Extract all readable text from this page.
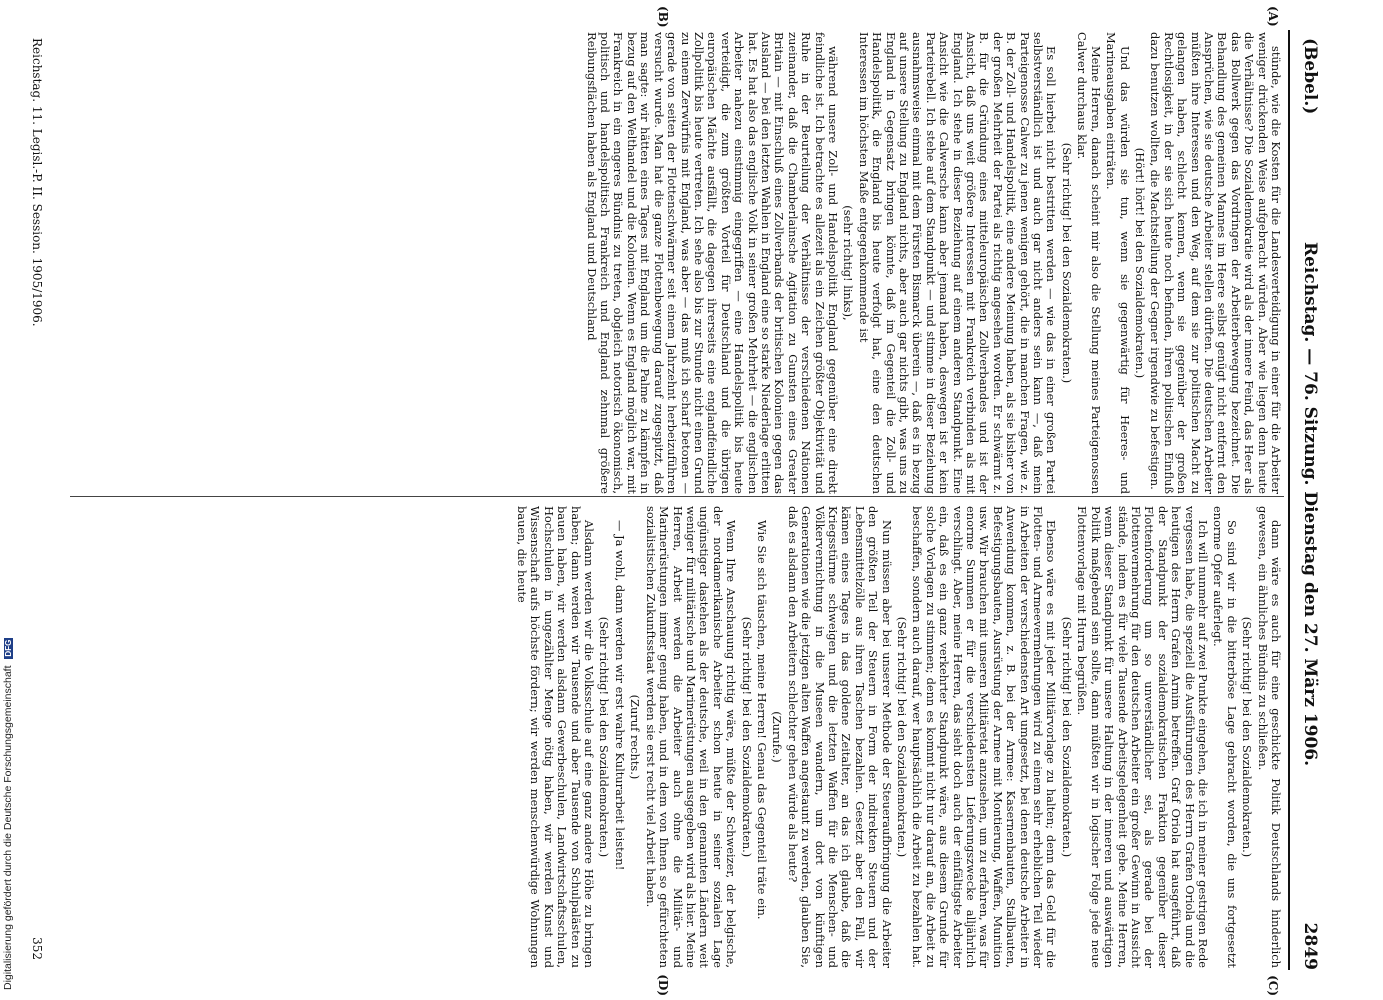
(Bebel.)
Reichstag. — 76. Sitzung. Dienstag den 27. März 1906.
2849
(A)
(B)
(C)
(D)

stünde, wie die Kosten für die Landesverteidigung in einer für die Arbeiter weniger drückenden Weise aufgebracht würden. Aber wie liegen denn heute die Verhältnisse? Die Sozialdemokratie wird als der innere Feind, das Heer als das Bollwerk gegen das Vordringen der Arbeiterbewegung bezeichnet. Die Behandlung des gemeinen Mannes im Heere selbst genügt nicht entfernt den Ansprüchen, wie sie deutsche Arbeiter stellen dürften. Die deutschen Arbeiter müßten ihre Interessen und den Weg, auf dem sie zur politischen Macht zu gelangen haben, schlecht kennen, wenn sie gegenüber der großen Rechtlosigkeit, in der sie sich heute noch befinden, ihren politischen Einfluß dazu benutzen wollten, die Machtstellung der Gegner irgendwie zu befestigen.

(Hört! hört! bei den Sozialdemokraten.)

Und das würden sie tun, wenn sie gegenwärtig für Heeres- und Marineausgaben einträten.

Meine Herren, danach scheint mir also die Stellung meines Parteigenossen Calwer durchaus klar.

(Sehr richtig! bei den Sozialdemokraten.)

Es soll hierbei nicht bestritten werden — wie das in einer großen Partei selbstverständlich ist und auch gar nicht anders sein kann —, daß mein Parteigenosse Calwer zu jenen wenigen gehört, die in manchen Fragen, wie z. B. der Zoll- und Handelspolitik, eine andere Meinung haben, als sie bisher von der großen Mehrheit der Partei als richtig angesehen worden. Er schwärmt z. B. für die Gründung eines mitteleuropäischen Zollverbandes und ist der Ansicht, daß uns weit größere Interessen mit Frankreich verbinden als mit England. Ich stehe in dieser Beziehung auf einem anderen Standpunkt. Eine Ansicht wie die Calwersche kann aber jemand haben, deswegen ist er kein Parteirebell. Ich stehe auf dem Standpunkt — und stimme in dieser Beziehung ausnahmsweise einmal mit dem Fürsten Bismarck überein —, daß es in bezug auf unsere Stellung zu England nichts, aber auch gar nichts gibt, was uns zu England in Gegensatz bringen könnte, daß im Gegenteil die Zoll- und Handelspolitik, die England bis heute verfolgt hat, eine den deutschen Interessen im höchsten Maße entgegenkommende ist

(sehr richtig! links),

während unsere Zoll- und Handelspolitik England gegenüber eine direkt feindliche ist. Ich betrachte es allezeit als ein Zeichen größter Objektivität und Ruhe in der Beurteilung der Verhältnisse der verschiedenen Nationen zueinander, daß die Chamberlainsche Agitation zu Gunsten eines Greater Britain — mit Einschluß eines Zollverbands der britischen Kolonien gegen das Ausland — bei den letzten Wahlen in England eine so starke Niederlage erlitten hat. Es hat also das englische Volk in seiner großen Mehrheit — die englischen Arbeiter nahezu einstimmig eingegriffen — eine Handelspolitik bis heute verteidigt, die zum größten Vorteil für Deutschland und die übrigen europäischen Mächte ausfällt, die dagegen ihrerseits eine englandfeindliche Zollpolitik bis heute vertreten. Ich sehe also bis zur Stunde nicht einen Grund zu einem Zerwürfnis mit England, was aber — das muß ich scharf betonen — gerade von seiten der Flottenschwärmer seit einem Jahrzehnt herbeizuführen versucht wurde. Man hat die ganze Flottenbewegung darauf zugespitzt, daß man sagte: wir hätten eines Tages mit England um die Palme zu kämpfen in bezug auf den Welthandel und die Kolonien. Wenn es England möglich war, mit Frankreich in ein engeres Bündnis zu treten, obgleich notorisch ökonomisch, politisch und handelspolitisch Frankreich und England zehnmal größere Reibungsflächen haben als England und Deutschland

dann wäre es auch für eine geschickte Politik Deutschlands hinderlich gewesen, ein ähnliches Bündnis zu schließen.

(Sehr richtig! bei den Sozialdemokraten.)

So sind wir in die bitterböse Lage gebracht worden, die uns fortgesetzt enorme Opfer auferlegt.

Ich will nunmehr auf zwei Punkte eingehen, die ich in meiner gestrigen Rede vergessen habe, die speziell die Ausführungen des Herrn Grafen Oriola und die heutigen des Herrn Grafen Arnim betreffen. Graf Oriola hat ausgeführt, daß der Standpunkt der sozialdemokratischen Fraktion gegenüber dieser Flottenforderung um so unverständlicher sei, als gerade bei der Flottenvermehrung für den deutschen Arbeiter ein großer Gewinn in Aussicht stände, indem es für viele Tausende Arbeitsgelegenheit gebe. Meine Herren, wenn dieser Standpunkt für unsere Haltung in der inneren und auswärtigen Politik maßgebend sein sollte, dann müßten wir in logischer Folge jede neue Flottenvorlage mit Hurra begrüßen.

(Sehr richtig! bei den Sozialdemokraten.)

Ebenso wäre es mit jeder Militärvorlage zu halten; denn das Geld für die Flotten- und Armeevermehrungen wird zu einem sehr erheblichen Teil wieder in Arbeiten der verschiedensten Art umgesetzt, bei denen deutsche Arbeiter in Anwendung kommen, z. B. bei der Armee: Kasernenbauten, Stallbauten, Befestigungsbauten, Ausrüstung der Armee mit Montierung, Waffen, Munition usw. Wir brauchen mit unseren Militäretat anzusehen, um zu erfahren, was für enorme Summen er für die verschiedensten Lieferungszwecke alljährlich verschlingt. Aber, meine Herren, das sieht doch auch der einfältigste Arbeiter ein, daß es ein ganz verkehrter Standpunkt wäre, aus diesem Grunde für solche Vorlagen zu stimmen; denn es kommt nicht nur darauf an, die Arbeit zu beschaffen, sondern auch darauf, wer hauptsächlich die Arbeit zu bezahlen hat.

(Sehr richtig! bei den Sozialdemokraten.)

Nun müssen aber bei unserer Methode der Steueraufbringung die Arbeiter den größten Teil der Steuern in Form der indirekten Steuern und der Lebensmittelzölle aus ihren Taschen bezahlen. Gesetzt aber den Fall, wir kämen eines Tages in das goldene Zeitalter, an das ich glaube, daß die Kriegsstürme schweigen und die letzten Waffen für die Menschen- und Völkervernichtung in die Museen wandern, um dort von künftigen Generationen wie die jetzigen alten Waffen angestaunt zu werden, glauben Sie, daß es alsdann den Arbeitern schlechter gehen würde als heute?

(Zurufe.)

Wie Sie sich täuschen, meine Herren! Genau das Gegenteil träte ein.

(Sehr richtig! bei den Sozialdemokraten.)

Wenn Ihre Anschauung richtig wäre, müßte der Schweizer, der belgische, der nordamerikanische Arbeiter schon heute in seiner sozialen Lage ungünstiger dastehen als der deutsche, weil in den genannten Ländern weit weniger für militärische und Marinerüstungen ausgegeben wird als hier. Meine Herren, Arbeit werden die Arbeiter auch ohne die Militär- und Marinerüstungen immer genug haben, und in dem von Ihnen so gefürchteten sozialistischen Zukunftsstaat werden sie erst recht viel Arbeit haben.

(Zuruf rechts.)

— Ja wohl, dann werden wir erst wahre Kulturarbeit leisten!

(Sehr richtig! bei den Sozialdemokraten.)

Alsdann werden wir die Volksschule auf eine ganz andere Höhe zu bringen haben; dann werden wir Tausende und aber Tausende von Schulpalästen zu bauen haben, wir werden alsdann Gewerbeschulen, Landwirtschaftsschulen, Hochschulen in ungezählter Menge nötig haben, wir werden Kunst und Wissenschaft aufs höchste fördern; wir werden menschenwürdige Wohnungen bauen, die heute

Reichstag. 11. Legisl.-P. II. Session. 1905/1906.
352
Digitalisierung gefördert durch die Deutsche Forschungsgemeinschaft DFG
